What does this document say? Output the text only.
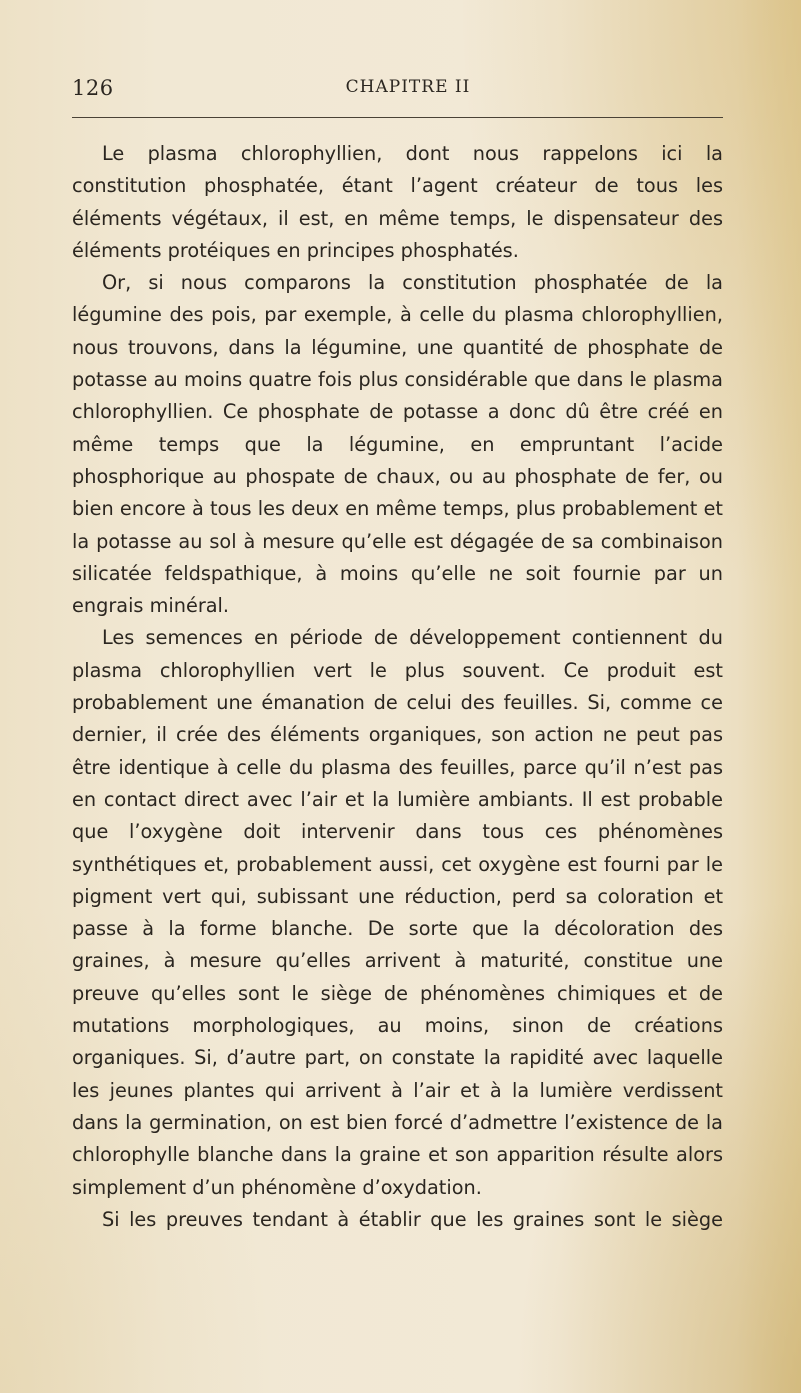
126	CHAPITRE II

Le plasma chlorophyllien, dont nous rappelons ici la constitution phosphatée, étant l’agent créateur de tous les éléments végétaux, il est, en même temps, le dispensateur des éléments protéiques en principes phosphatés.

Or, si nous comparons la constitution phosphatée de la légumine des pois, par exemple, à celle du plasma chlorophyllien, nous trouvons, dans la légumine, une quantité de phosphate de potasse au moins quatre fois plus considérable que dans le plasma chlorophyllien. Ce phosphate de potasse a donc dû être créé en même temps que la légumine, en empruntant l’acide phosphorique au phospate de chaux, ou au phosphate de fer, ou bien encore à tous les deux en même temps, plus probablement et la potasse au sol à mesure qu’elle est dégagée de sa combinaison silicatée feldspathique, à moins qu’elle ne soit fournie par un engrais minéral.

Les semences en période de développement contiennent du plasma chlorophyllien vert le plus souvent. Ce produit est probablement une émanation de celui des feuilles. Si, comme ce dernier, il crée des éléments organiques, son action ne peut pas être identique à celle du plasma des feuilles, parce qu’il n’est pas en contact direct avec l’air et la lumière ambiants. Il est probable que l’oxygène doit intervenir dans tous ces phénomènes synthétiques et, probablement aussi, cet oxygène est fourni par le pigment vert qui, subissant une réduction, perd sa coloration et passe à la forme blanche. De sorte que la décoloration des graines, à mesure qu’elles arrivent à maturité, constitue une preuve qu’elles sont le siège de phénomènes chimiques et de mutations morphologiques, au moins, sinon de créations organiques. Si, d’autre part, on constate la rapidité avec laquelle les jeunes plantes qui arrivent à l’air et à la lumière verdissent dans la germination, on est bien forcé d’admettre l’existence de la chlorophylle blanche dans la graine et son apparition résulte alors simplement d’un phénomène d’oxydation.

Si les preuves tendant à établir que les graines sont le siège
